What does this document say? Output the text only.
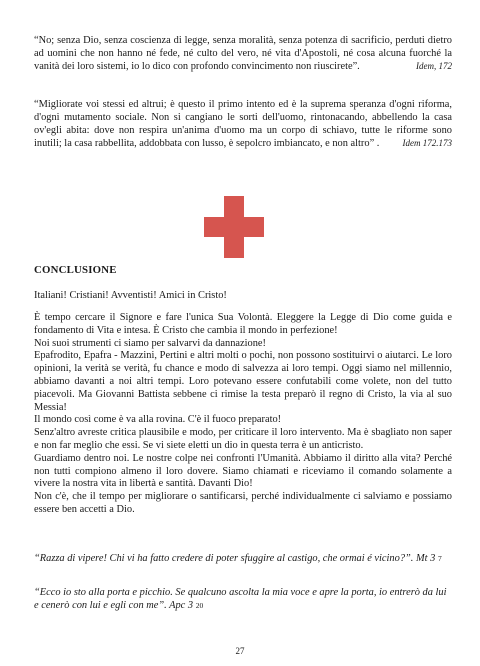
“No; senza Dio, senza coscienza di legge, senza moralità, senza potenza di sacrificio, perduti dietro ad uomini che non hanno né fede, né culto del vero, né vita d'Apostoli, né cosa alcuna fuorché la vanità dei loro sistemi, io lo dico con profondo convincimento non riuscirete”.	Idem, 172
“Migliorate voi stessi ed altrui; è questo il primo intento ed è la suprema speranza d'ogni riforma, d'ogni mutamento sociale. Non si cangiano le sorti dell'uomo, rintonacando, abbellendo la casa ov'egli abita: dove non respira un'anima d'uomo ma un corpo di schiavo, tutte le riforme sono inutili; la casa rabbellita, addobbata con lusso, è sepolcro imbiancato, e non altro” .	Idem 172.173
CONCLUSIONE
Italiani! Cristiani! Avventisti! Amici in Cristo!

È tempo cercare il Signore e fare l'unica Sua Volontà. Eleggere la Legge di Dio come guida e fondamento di Vita e intesa. È Cristo che cambia il mondo in perfezione!

Noi suoi strumenti ci siamo per salvarvi da dannazione!

Epafrodito, Epafra - Mazzini, Pertini e altri molti o pochi, non possono sostituirvi o aiutarci. Le loro opinioni, la verità se verità, fu chance e modo di salvezza ai loro tempi. Oggi siamo nel millennio, abbiamo davanti a noi altri tempi. Loro potevano essere confutabili come volete, non del tutto piacevoli. Ma Giovanni Battista sebbene ci rimise la testa preparò il regno di Cristo, la via al suo Messia!

Il mondo così come è va alla rovina. C'è il fuoco preparato!

Senz'altro avreste critica plausibile e modo, per criticare il loro intervento. Ma è sbagliato non saper e non far meglio che essi. Se vi siete eletti un dio in questa terra è un anticristo.

Guardiamo dentro noi. Le nostre colpe nei confronti l'Umanità. Abbiamo il diritto alla vita? Perché non tutti compiono almeno il loro dovere. Siamo chiamati e riceviamo il comando solamente a vivere la nostra vita in libertà e santità. Davanti Dio!

Non c'è, che il tempo per migliorare o santificarsi, perché individualmente ci salviamo e possiamo essere ben accetti a Dio.

“Razza di vipere! Chi vi ha fatto credere di poter sfuggire al castigo, che ormai é vicino?”. Mt 3 7
“Ecco io sto alla porta e picchio. Se qualcuno ascolta la mia voce e apre la porta, io entrerò da lui e cenerò con lui e egli con me”. Apc 3 20
27
